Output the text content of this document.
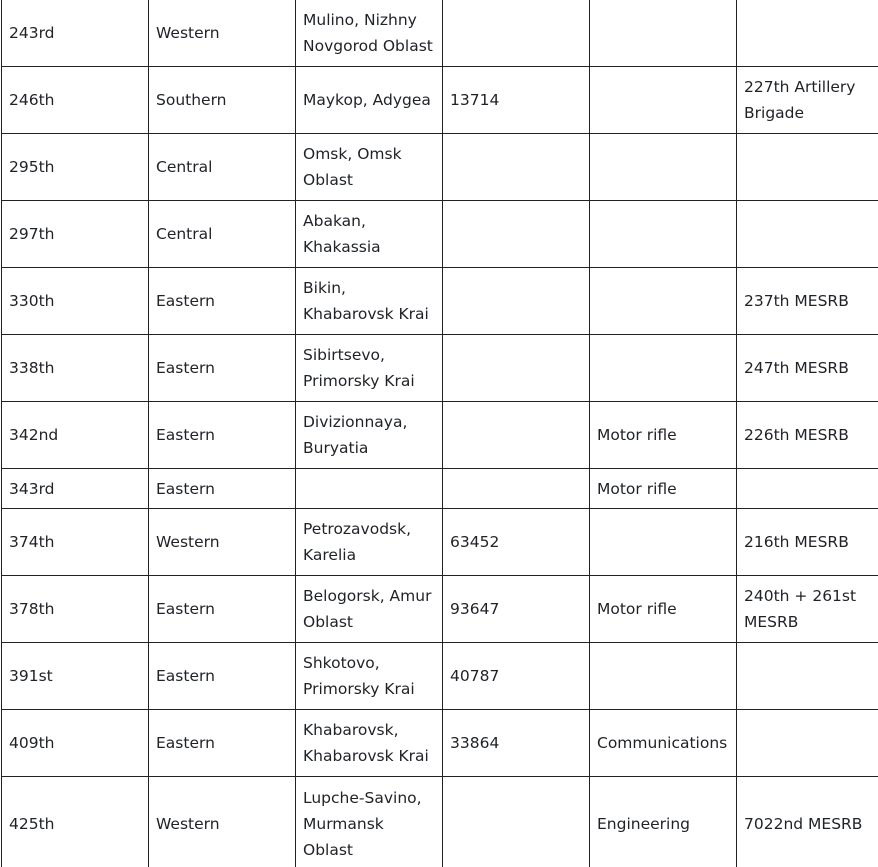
243rd	Western	Mulino, Nizhny Novgorod Oblast			
246th	Southern	Maykop, Adygea	13714		227th Artillery Brigade
295th	Central	Omsk, Omsk Oblast			
297th	Central	Abakan, Khakassia			
330th	Eastern	Bikin, Khabarovsk Krai			237th MESRB
338th	Eastern	Sibirtsevo, Primorsky Krai			247th MESRB
342nd	Eastern	Divizionnaya, Buryatia		Motor rifle	226th MESRB
343rd	Eastern			Motor rifle	
374th	Western	Petrozavodsk, Karelia	63452		216th MESRB
378th	Eastern	Belogorsk, Amur Oblast	93647	Motor rifle	240th + 261st MESRB
391st	Eastern	Shkotovo, Primorsky Krai	40787		
409th	Eastern	Khabarovsk, Khabarovsk Krai	33864	Communications	
425th	Western	Lupche-Savino, Murmansk Oblast		Engineering	7022nd MESRB
